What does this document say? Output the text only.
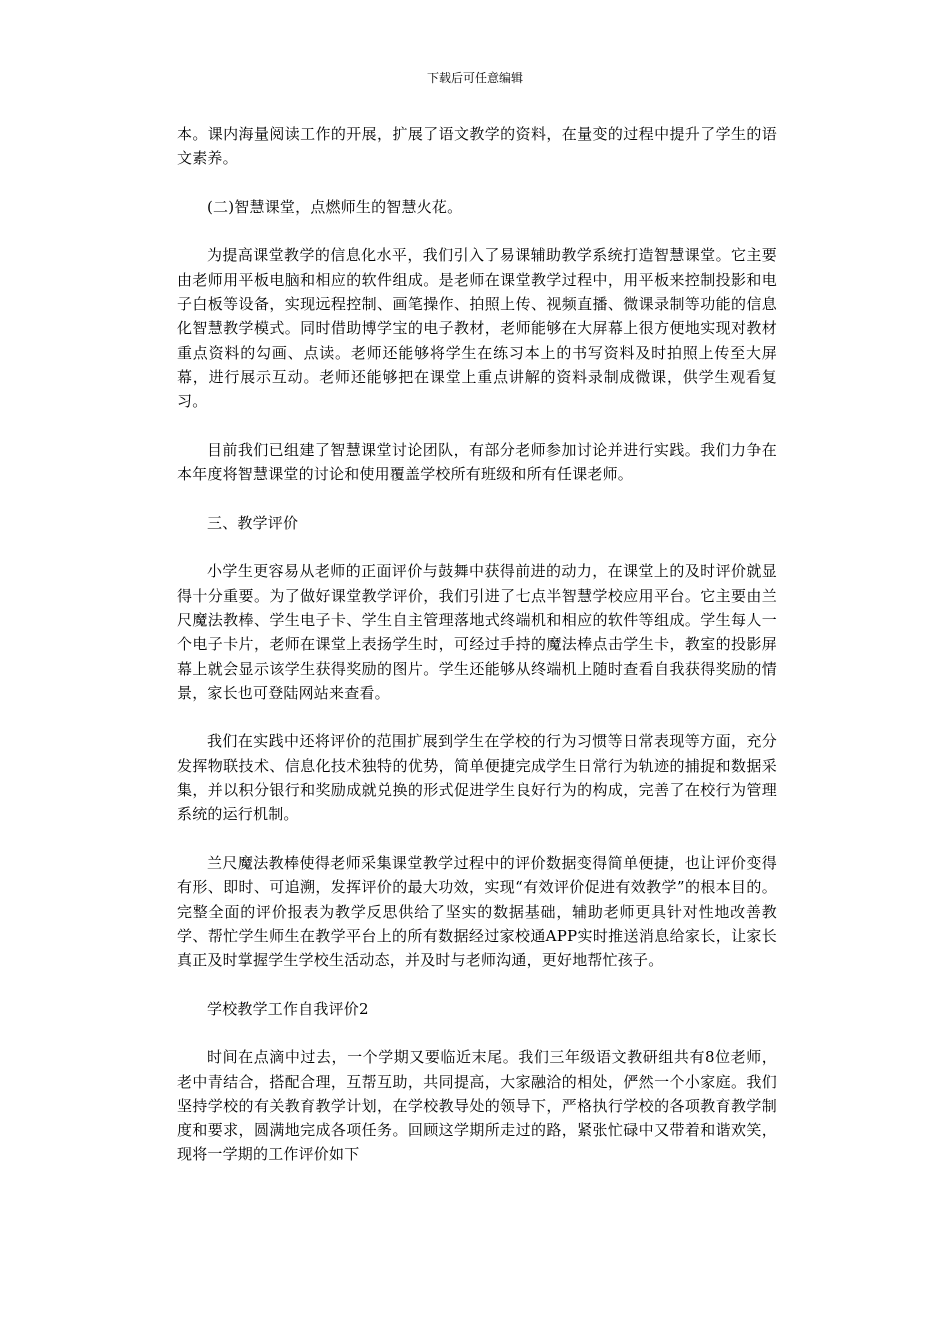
下载后可任意编辑

本。课内海量阅读工作的开展，扩展了语文教学的资料，在量变的过程中提升了学生的语文素养。

(二)智慧课堂，点燃师生的智慧火花。

为提高课堂教学的信息化水平，我们引入了易课辅助教学系统打造智慧课堂。它主要由老师用平板电脑和相应的软件组成。是老师在课堂教学过程中，用平板来控制投影和电子白板等设备，实现远程控制、画笔操作、拍照上传、视频直播、微课录制等功能的信息化智慧教学模式。同时借助博学宝的电子教材，老师能够在大屏幕上很方便地实现对教材重点资料的勾画、点读。老师还能够将学生在练习本上的书写资料及时拍照上传至大屏幕，进行展示互动。老师还能够把在课堂上重点讲解的资料录制成微课，供学生观看复习。

目前我们已组建了智慧课堂讨论团队，有部分老师参加讨论并进行实践。我们力争在本年度将智慧课堂的讨论和使用覆盖学校所有班级和所有任课老师。

三、教学评价

小学生更容易从老师的正面评价与鼓舞中获得前进的动力，在课堂上的及时评价就显得十分重要。为了做好课堂教学评价，我们引进了七点半智慧学校应用平台。它主要由兰尺魔法教棒、学生电子卡、学生自主管理落地式终端机和相应的软件等组成。学生每人一个电子卡片，老师在课堂上表扬学生时，可经过手持的魔法棒点击学生卡，教室的投影屏幕上就会显示该学生获得奖励的图片。学生还能够从终端机上随时查看自我获得奖励的情景，家长也可登陆网站来查看。

我们在实践中还将评价的范围扩展到学生在学校的行为习惯等日常表现等方面，充分发挥物联技术、信息化技术独特的优势，简单便捷完成学生日常行为轨迹的捕捉和数据采集，并以积分银行和奖励成就兑换的形式促进学生良好行为的构成，完善了在校行为管理系统的运行机制。

兰尺魔法教棒使得老师采集课堂教学过程中的评价数据变得简单便捷，也让评价变得有形、即时、可追溯，发挥评价的最大功效，实现“有效评价促进有效教学”的根本目的。完整全面的评价报表为教学反思供给了坚实的数据基础，辅助老师更具针对性地改善教学、帮忙学生师生在教学平台上的所有数据经过家校通APP实时推送消息给家长，让家长真正及时掌握学生学校生活动态，并及时与老师沟通，更好地帮忙孩子。

学校教学工作自我评价2

时间在点滴中过去，一个学期又要临近末尾。我们三年级语文教研组共有8位老师，老中青结合，搭配合理，互帮互助，共同提高，大家融洽的相处，俨然一个小家庭。我们坚持学校的有关教育教学计划，在学校教导处的领导下，严格执行学校的各项教育教学制度和要求，圆满地完成各项任务。回顾这学期所走过的路，紧张忙碌中又带着和谐欢笑，现将一学期的工作评价如下
